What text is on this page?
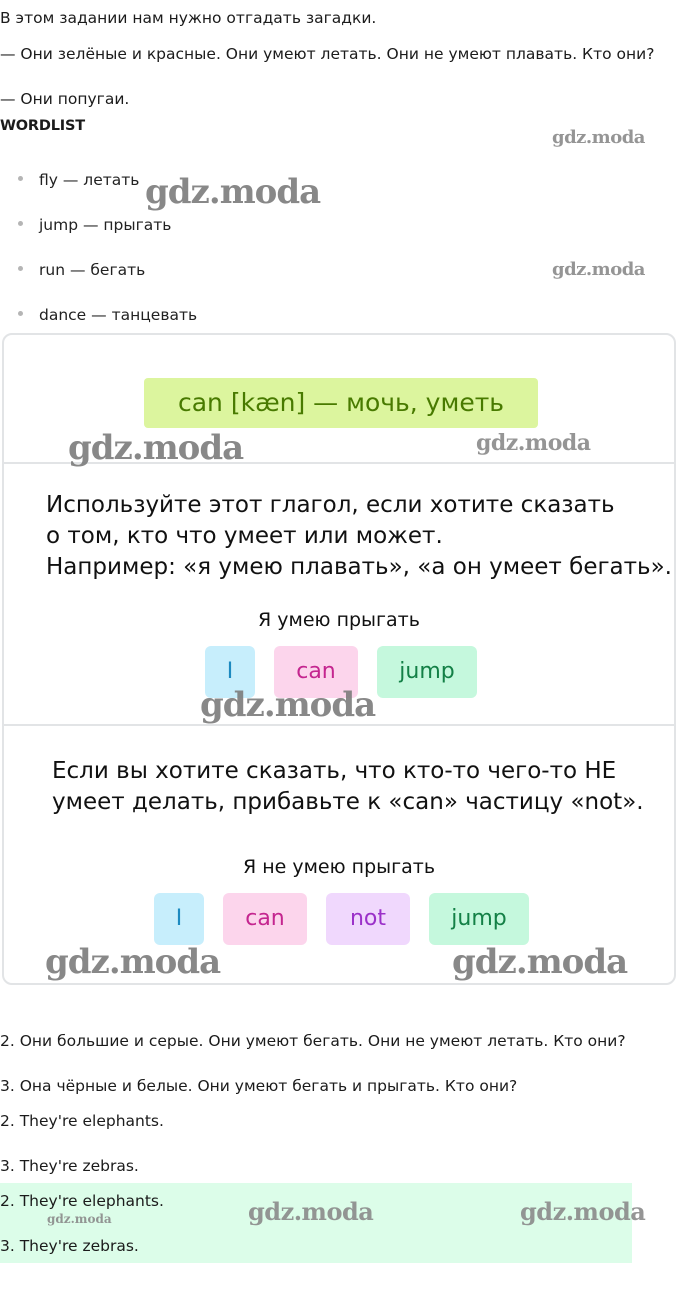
В этом задании нам нужно отгадать загадки.

— Они зелёные и красные. Они умеют летать. Они не умеют плавать. Кто они?

— Они попугаи.

WORDLIST

fly — летать
jump — прыгать
run — бегать
dance — танцевать
can [kæn] — мочь, уметь
Используйте этот глагол, если хотите сказать
о том, кто что умеет или может.
Например: «я умею плавать», «а он умеет бегать».
Я умею прыгать
I	can	jump
Если вы хотите сказать, что кто-то чего-то НЕ
умеет делать, прибавьте к «can» частицу «not».
Я не умею прыгать
I	can	not	jump

2. Они большие и серые. Они умеют бегать. Они не умеют летать. Кто они?

3. Она чёрные и белые. Они умеют бегать и прыгать. Кто они?

2. They're elephants.

3. They're zebras.

2. They're elephants.

3. They're zebras.

gdz.moda
gdz.moda
gdz.moda
gdz.moda	gdz.moda
gdz.moda
gdz.moda	gdz.moda
gdz.moda	gdz.moda	gdz.moda
